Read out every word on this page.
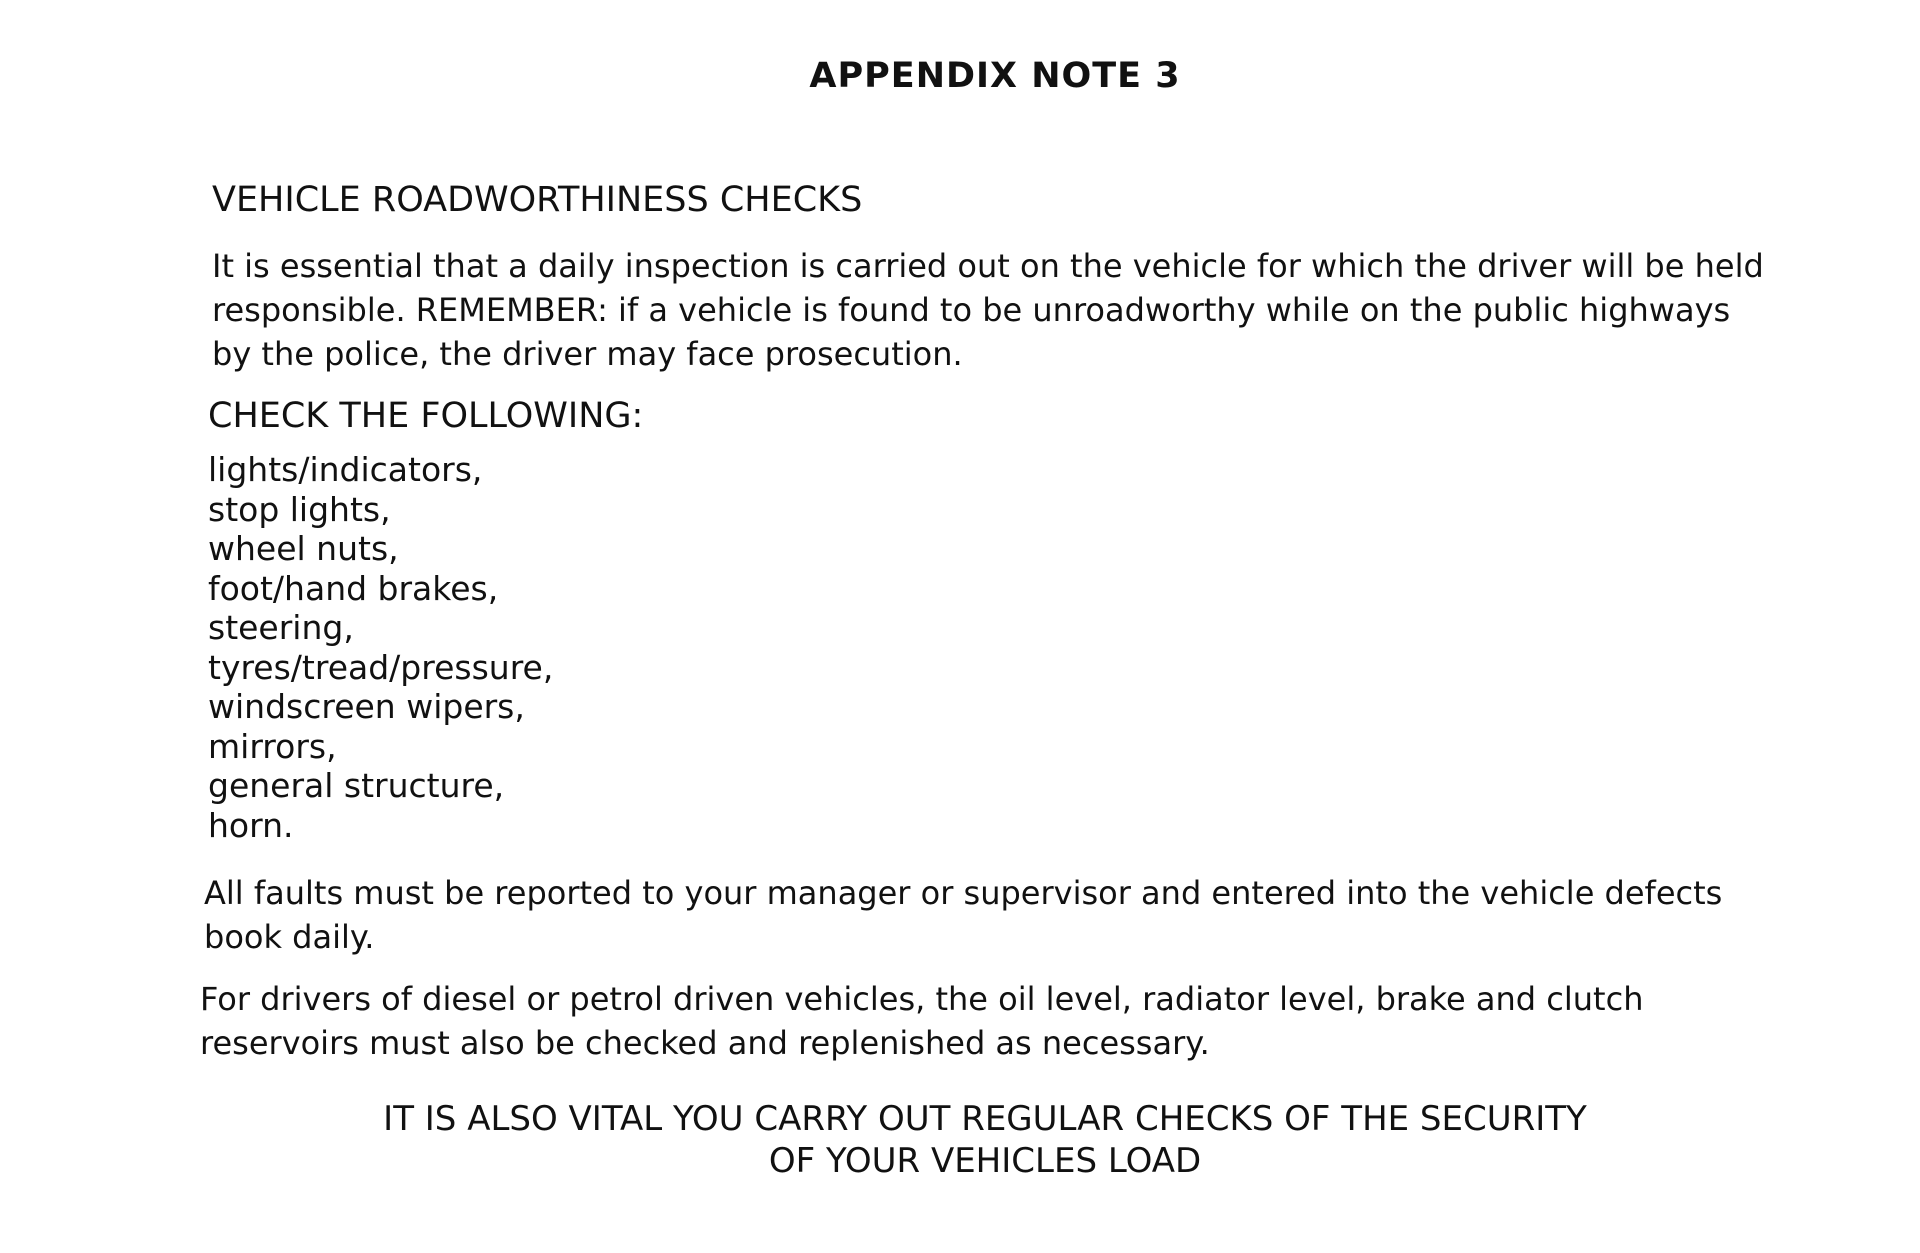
APPENDIX NOTE 3
VEHICLE ROADWORTHINESS CHECKS

It is essential that a daily inspection is carried out on the vehicle for which the driver will be held responsible. REMEMBER: if a vehicle is found to be unroadworthy while on the public highways by the police, the driver may face prosecution.

CHECK THE FOLLOWING:
lights/indicators,
stop lights,
wheel nuts,
foot/hand brakes,
steering,
tyres/tread/pressure,
windscreen wipers,
mirrors,
general structure,
horn.

All faults must be reported to your manager or supervisor and entered into the vehicle defects book daily.

For drivers of diesel or petrol driven vehicles, the oil level, radiator level, brake and clutch reservoirs must also be checked and replenished as necessary.

IT IS ALSO VITAL YOU CARRY OUT REGULAR CHECKS OF THE SECURITY
OF YOUR VEHICLES LOAD
